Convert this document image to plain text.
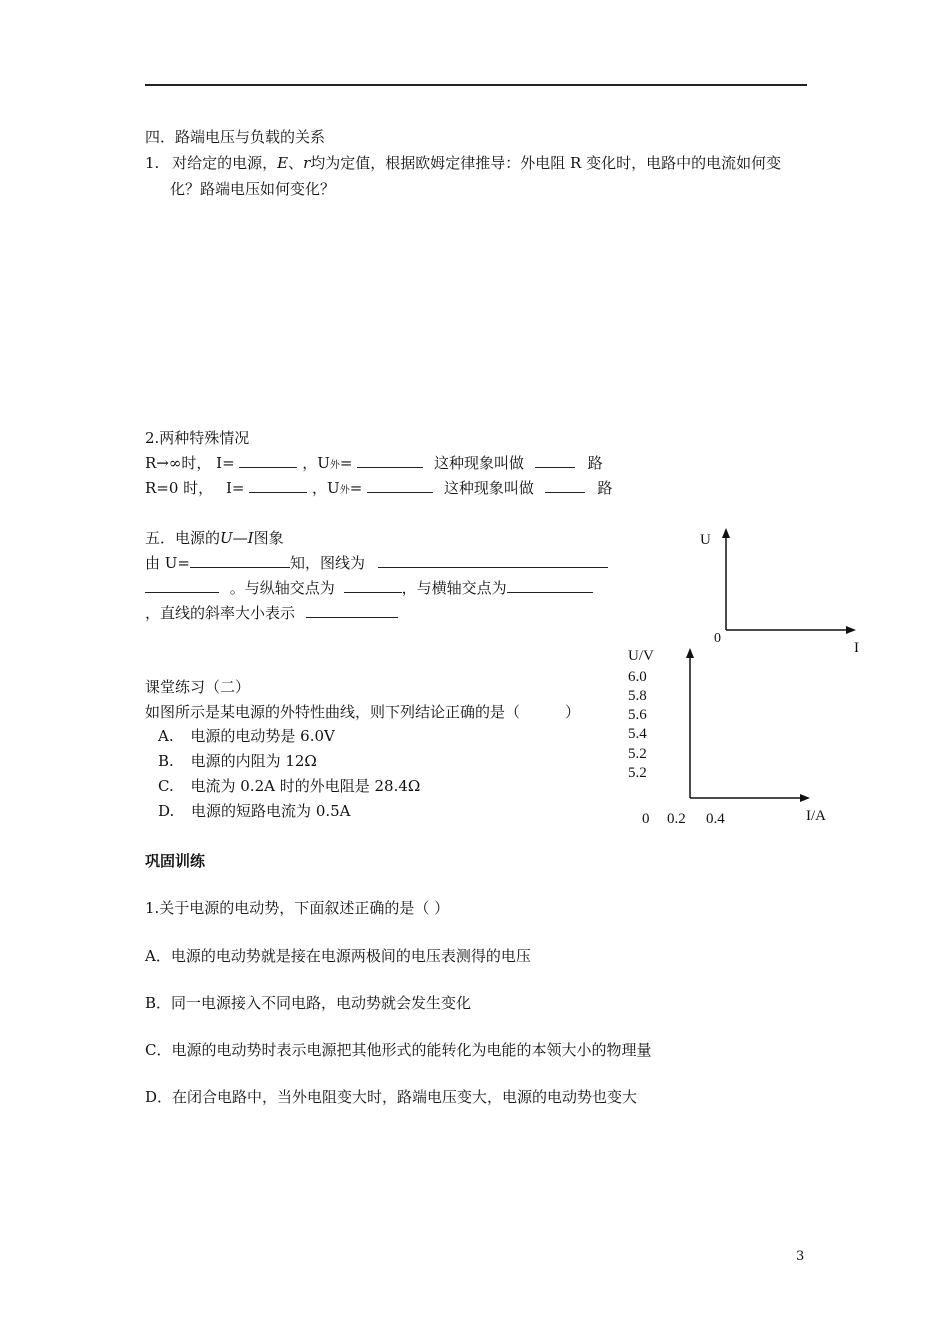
四．路端电压与负载的关系
1. 对给定的电源，E、r均为定值，根据欧姆定律推导：外电阻 R 变化时，电路中的电流如何变
化？路端电压如何变化？
2.两种特殊情况
R→∞时， I=	，U外=	这种现象叫做	路
R=0 时， I=	，U外=	这种现象叫做	路
五．电源的U—I图象
由 U=	知，图线为
。与纵轴交点为	，与横轴交点为
，直线的斜率大小表示
U
0
I
U/V
6.0
5.8
5.6
5.4
5.2
5.2
0 0.2 0.4	I/A
课堂练习（二）
如图所示是某电源的外特性曲线，则下列结论正确的是（　　　）
A. 电源的电动势是 6.0V
B. 电源的内阻为 12Ω
C. 电流为 0.2A 时的外电阻是 28.4Ω
D. 电源的短路电流为 0.5A
巩固训练
1.关于电源的电动势，下面叙述正确的是（ ）
A．电源的电动势就是接在电源两极间的电压表测得的电压
B．同一电源接入不同电路，电动势就会发生变化
C．电源的电动势时表示电源把其他形式的能转化为电能的本领大小的物理量
D．在闭合电路中，当外电阻变大时，路端电压变大，电源的电动势也变大
3
